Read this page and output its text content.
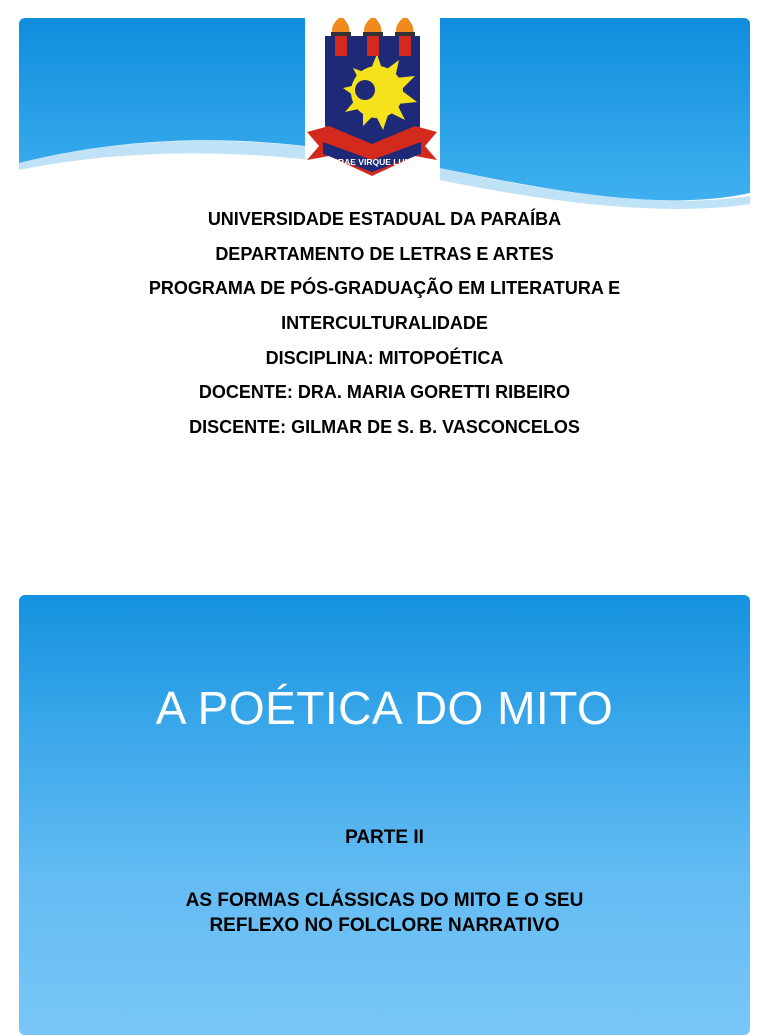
TERRAE VIRQUE LUMES
UNIVERSIDADE ESTADUAL DA PARAÍBA
DEPARTAMENTO DE LETRAS E ARTES
PROGRAMA DE PÓS-GRADUAÇÃO EM LITERATURA E
INTERCULTURALIDADE
DISCIPLINA: MITOPOÉTICA
DOCENTE: DRA. MARIA GORETTI RIBEIRO
DISCENTE: GILMAR DE S. B. VASCONCELOS
A POÉTICA DO MITO
PARTE II
AS FORMAS CLÁSSICAS DO MITO E O SEU
REFLEXO NO FOLCLORE NARRATIVO
